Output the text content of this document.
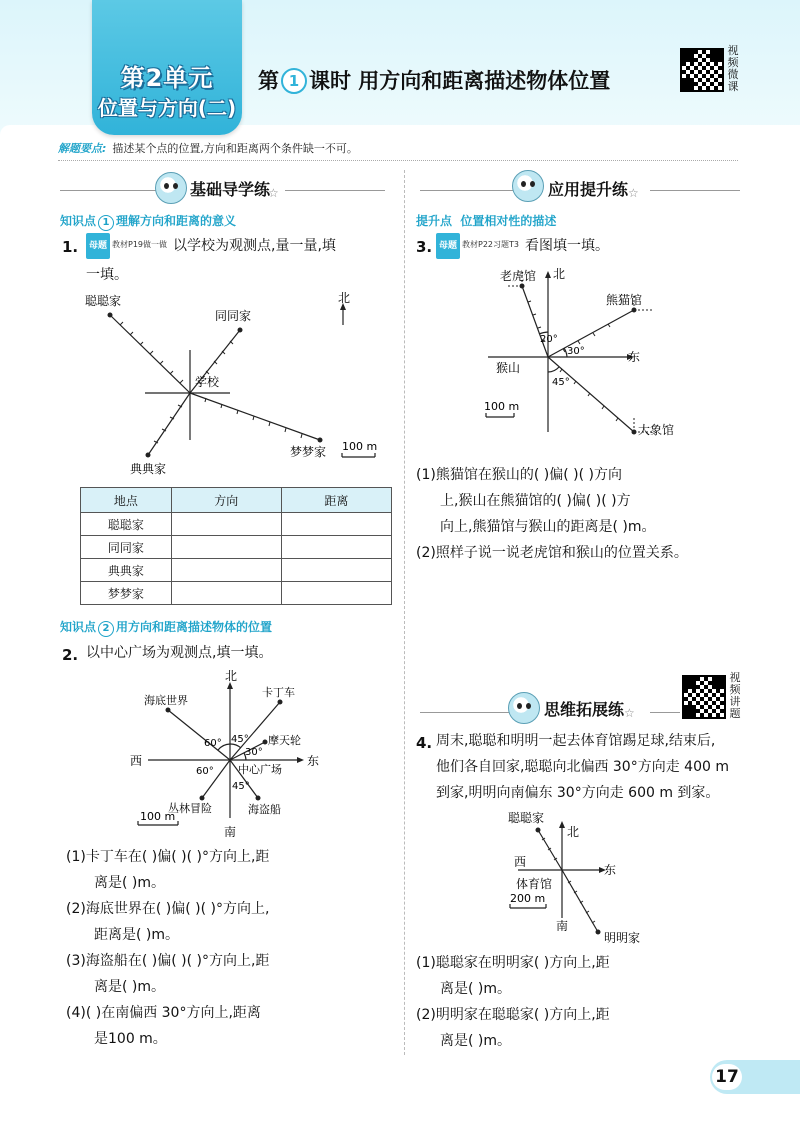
第2单元
位置与方向(二)
第 1 课时 用方向和距离描述物体位置
视
频
微
课
解题要点: 描述某个点的位置,方向和距离两个条件缺一不可。
基础导学练
☆
知识点 1 理解方向和距离的意义
1.	母题 $^{教材P19做一做}$ 以学校为观测点,量一量,填
一填。
北
学校
聪聪家
同同家
梦梦家
典典家
100 m
地点	方向	距离
聪聪家		
同同家		
典典家		
梦梦家		
知识点 2 用方向和距离描述物体的位置
2. 以中心广场为观测点,填一填。
北
南
西	东
中心广场
海底世界
卡丁车
摩天轮
丛林冒险	海盗船
60° 45°
30°
60°
45°
100 m
(1)卡丁车在( )偏( )( )°方向上,距
离是( )m。
(2)海底世界在( )偏( )( )°方向上,
距离是( )m。
(3)海盗船在( )偏( )( )°方向上,距
离是( )m。
(4)( )在南偏西 30°方向上,距离
是100 m。
应用提升练 ☆
提升点 位置相对性的描述
3. 母题 $^{教材P22习题T3}$ 看图填一填。
北
东
老虎馆
熊猫馆
猴山
大象馆
20°
30°
45°
100 m
(1)熊猫馆在猴山的( )偏( )( )方向
上,猴山在熊猫馆的( )偏( )( )方
向上,熊猫馆与猴山的距离是( )m。
(2)照样子说一说老虎馆和猴山的位置关系。
思维拓展练 ☆
视
频
讲
题
4. 周末,聪聪和明明一起去体育馆踢足球,结束后,
他们各自回家,聪聪向北偏西 30°方向走 400 m
到家,明明向南偏东 30°方向走 600 m 到家。
北
南
西
东
体育馆
聪聪家
明明家
200 m
(1)聪聪家在明明家( )方向上,距
离是( )m。
(2)明明家在聪聪家( )方向上,距
离是( )m。
17
